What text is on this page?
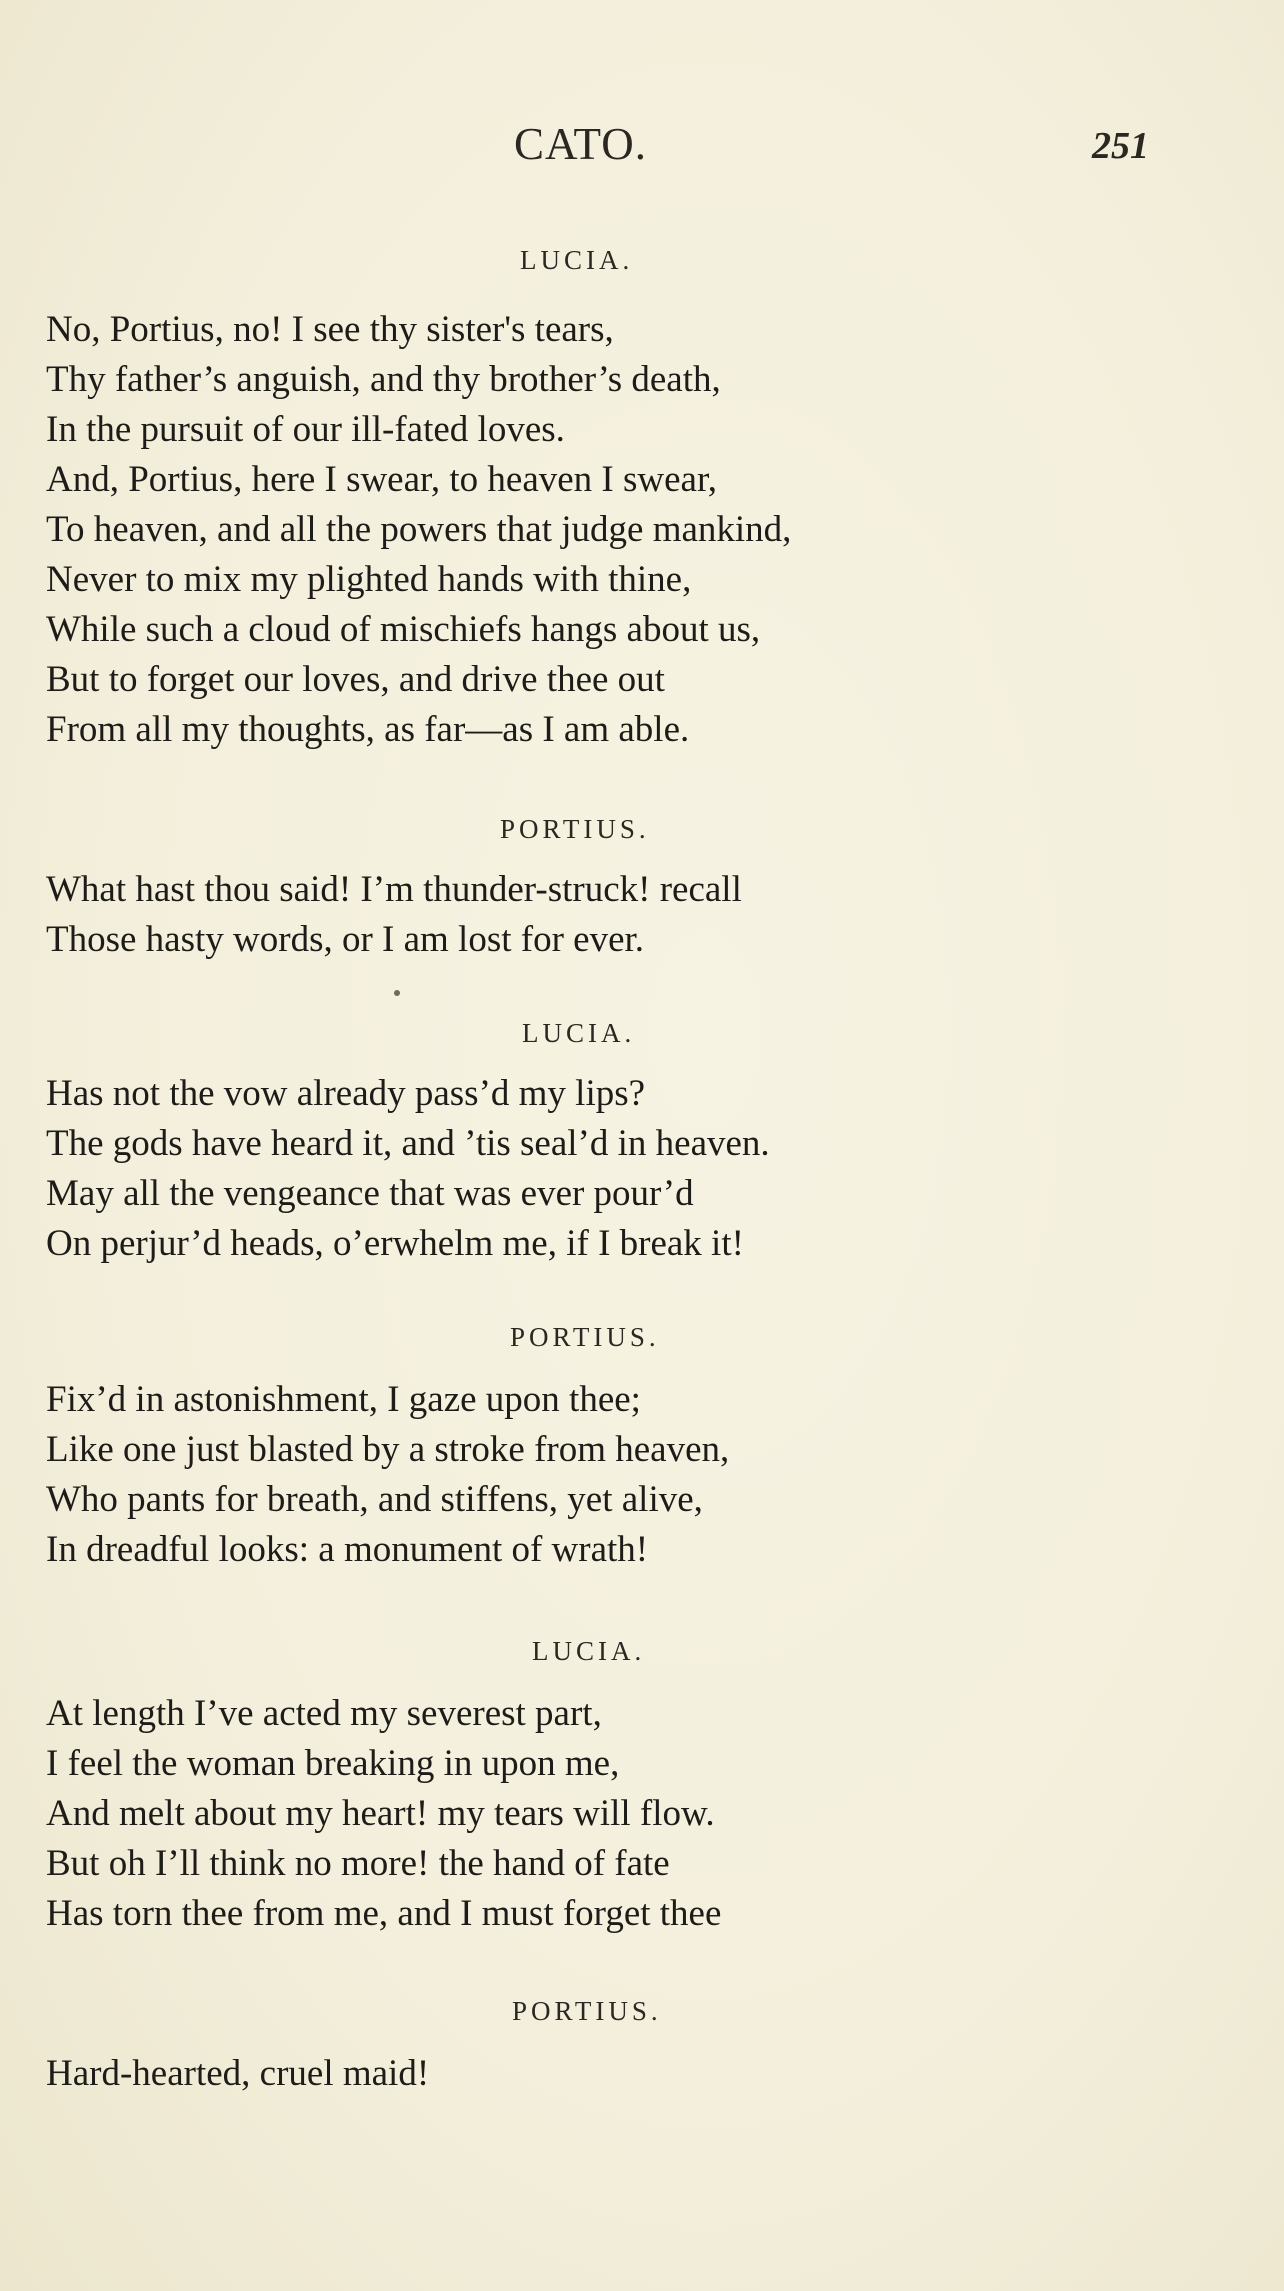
CATO.	251
LUCIA.
No, Portius, no! I see thy sister's tears,
Thy father’s anguish, and thy brother’s death,
In the pursuit of our ill-fated loves.
And, Portius, here I swear, to heaven I swear,
To heaven, and all the powers that judge mankind,
Never to mix my plighted hands with thine,
While such a cloud of mischiefs hangs about us,
But to forget our loves, and drive thee out
From all my thoughts, as far—as I am able.
PORTIUS.
What hast thou said! I’m thunder-struck! recall
Those hasty words, or I am lost for ever.
LUCIA.
Has not the vow already pass’d my lips?
The gods have heard it, and ’tis seal’d in heaven.
May all the vengeance that was ever pour’d
On perjur’d heads, o’erwhelm me, if I break it!
PORTIUS.
Fix’d in astonishment, I gaze upon thee;
Like one just blasted by a stroke from heaven,
Who pants for breath, and stiffens, yet alive,
In dreadful looks: a monument of wrath!
LUCIA.
At length I’ve acted my severest part,
I feel the woman breaking in upon me,
And melt about my heart! my tears will flow.
But oh I’ll think no more! the hand of fate
Has torn thee from me, and I must forget thee
PORTIUS.
Hard-hearted, cruel maid!
